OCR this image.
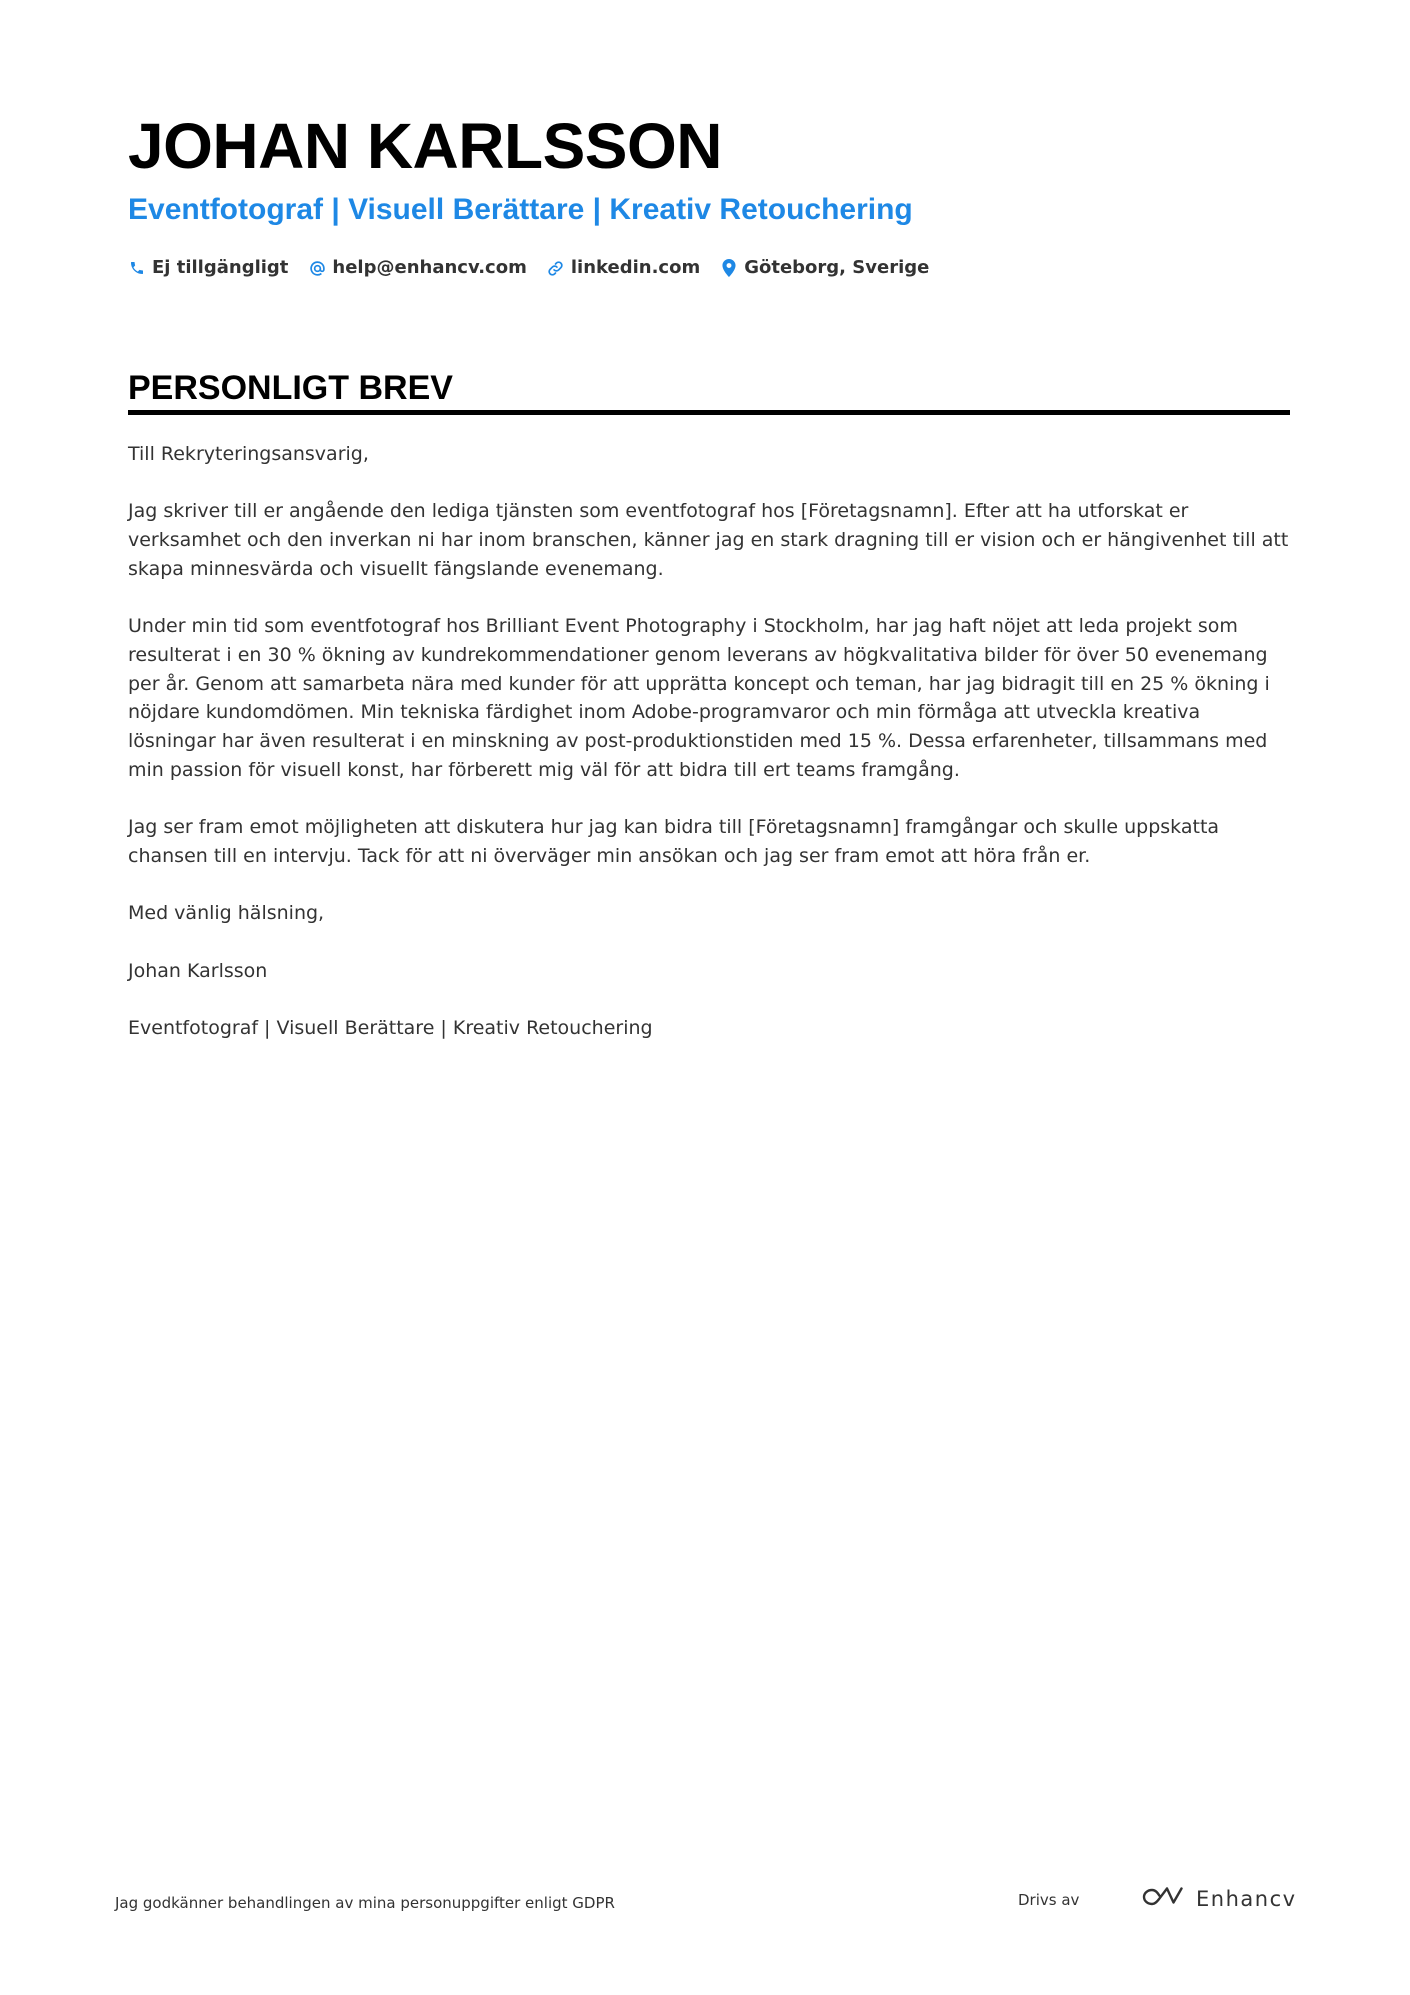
JOHAN KARLSSON
Eventfotograf | Visuell Berättare | Kreativ Retouchering
Ej tillgängligt help@enhancv.com linkedin.com Göteborg, Sverige
PERSONLIGT BREV

Till Rekryteringsansvarig,

Jag skriver till er angående den lediga tjänsten som eventfotograf hos [Företagsnamn]. Efter att ha utforskat er verksamhet och den inverkan ni har inom branschen, känner jag en stark dragning till er vision och er hängivenhet till att skapa minnesvärda och visuellt fängslande evenemang.

Under min tid som eventfotograf hos Brilliant Event Photography i Stockholm, har jag haft nöjet att leda projekt som resulterat i en 30 % ökning av kundrekommendationer genom leverans av högkvalitativa bilder för över 50 evenemang per år. Genom att samarbeta nära med kunder för att upprätta koncept och teman, har jag bidragit till en 25 % ökning i nöjdare kundomdömen. Min tekniska färdighet inom Adobe-programvaror och min förmåga att utveckla kreativa lösningar har även resulterat i en minskning av post-produktionstiden med 15 %. Dessa erfarenheter, tillsammans med min passion för visuell konst, har förberett mig väl för att bidra till ert teams framgång.

Jag ser fram emot möjligheten att diskutera hur jag kan bidra till [Företagsnamn] framgångar och skulle uppskatta chansen till en intervju. Tack för att ni överväger min ansökan och jag ser fram emot att höra från er.

Med vänlig hälsning,

Johan Karlsson

Eventfotograf | Visuell Berättare | Kreativ Retouchering

Jag godkänner behandlingen av mina personuppgifter enligt GDPR	Drivs av	Enhancv
